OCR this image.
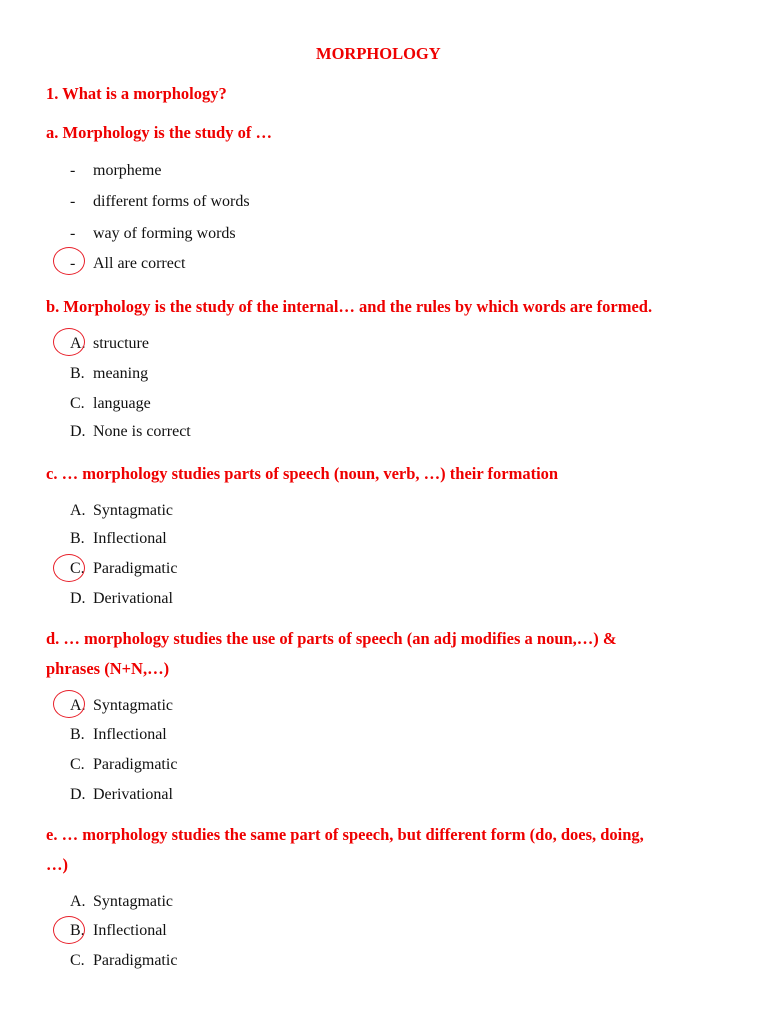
MORPHOLOGY
1. What is a morphology?
a. Morphology is the study of …
- morpheme
- different forms of words
- way of forming words
- All are correct
b. Morphology is the study of the internal… and the rules by which words are formed.
A. structure
B. meaning
C. language
D. None is correct
c. … morphology studies parts of speech (noun, verb, …) their formation
A. Syntagmatic
B. Inflectional
C. Paradigmatic
D. Derivational
d. … morphology studies the use of parts of speech (an adj modifies a noun,…) &
phrases (N+N,…)
A. Syntagmatic
B. Inflectional
C. Paradigmatic
D. Derivational
e. … morphology studies the same part of speech, but different form (do, does, doing,
…)
A. Syntagmatic
B. Inflectional
C. Paradigmatic
